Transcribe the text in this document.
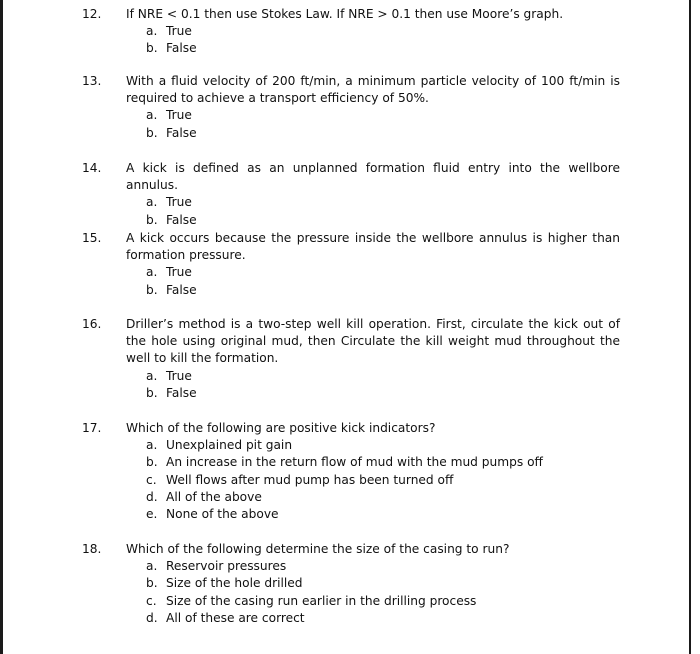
12. If NRE < 0.1 then use Stokes Law. If NRE > 0.1 then use Moore’s graph.
a. True
b. False
13. With a fluid velocity of 200 ft/min, a minimum particle velocity of 100 ft/min is required to achieve a transport efficiency of 50%.
a. True
b. False
14. A kick is defined as an unplanned formation fluid entry into the wellbore annulus.
a. True
b. False
15. A kick occurs because the pressure inside the wellbore annulus is higher than formation pressure.
a. True
b. False
16. Driller’s method is a two-step well kill operation. First, circulate the kick out of the hole using original mud, then Circulate the kill weight mud throughout the well to kill the formation.
a. True
b. False
17. Which of the following are positive kick indicators?
a. Unexplained pit gain
b. An increase in the return flow of mud with the mud pumps off
c. Well flows after mud pump has been turned off
d. All of the above
e. None of the above
18. Which of the following determine the size of the casing to run?
a. Reservoir pressures
b. Size of the hole drilled
c. Size of the casing run earlier in the drilling process
d. All of these are correct
